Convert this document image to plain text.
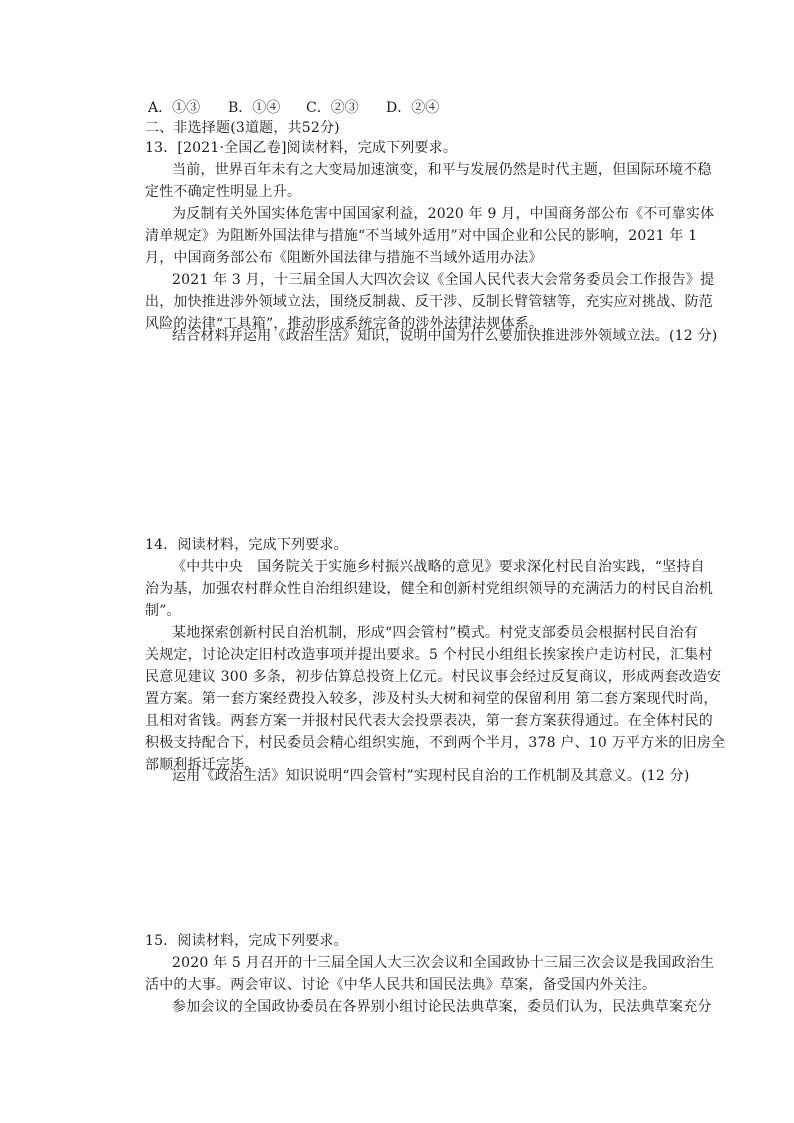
A．①③ B．①④ C．②③ D．②④
二、非选择题(3道题，共52分)
13．[2021·全国乙卷]阅读材料，完成下列要求。
当前，世界百年未有之大变局加速演变，和平与发展仍然是时代主题，但国际环境不稳
定性不确定性明显上升。
为反制有关外国实体危害中国国家利益，2020 年 9 月，中国商务部公布《不可靠实体
清单规定》为阻断外国法律与措施“不当域外适用”对中国企业和公民的影响，2021 年 1
月，中国商务部公布《阻断外国法律与措施不当域外适用办法》
2021 年 3 月，十三届全国人大四次会议《全国人民代表大会常务委员会工作报告》提
出，加快推进涉外领域立法，围绕反制裁、反干涉、反制长臂管辖等，充实应对挑战、防范
风险的法律“工具箱”，推动形成系统完备的涉外法律法规体系。
结合材料并运用《政治生活》知识，说明中国为什么要加快推进涉外领域立法。(12 分)
14．阅读材料，完成下列要求。
《中共中央　国务院关于实施乡村振兴战略的意见》要求深化村民自治实践，“坚持自
治为基，加强农村群众性自治组织建设，健全和创新村党组织领导的充满活力的村民自治机
制”。
某地探索创新村民自治机制，形成“四会管村”模式。村党支部委员会根据村民自治有
关规定，讨论决定旧村改造事项并提出要求。5 个村民小组组长挨家挨户走访村民，汇集村
民意见建议 300 多条，初步估算总投资上亿元。村民议事会经过反复商议，形成两套改造安
置方案。第一套方案经费投入较多，涉及村头大树和祠堂的保留利用 第二套方案现代时尚，
且相对省钱。两套方案一并报村民代表大会投票表决，第一套方案获得通过。在全体村民的
积极支持配合下，村民委员会精心组织实施，不到两个半月，378 户、10 万平方米的旧房全
部顺利拆迁完毕。
运用《政治生活》知识说明“四会管村”实现村民自治的工作机制及其意义。(12 分)
15．阅读材料，完成下列要求。
2020 年 5 月召开的十三届全国人大三次会议和全国政协十三届三次会议是我国政治生
活中的大事。两会审议、讨论《中华人民共和国民法典》草案，备受国内外关注。
参加会议的全国政协委员在各界别小组讨论民法典草案，委员们认为，民法典草案充分
